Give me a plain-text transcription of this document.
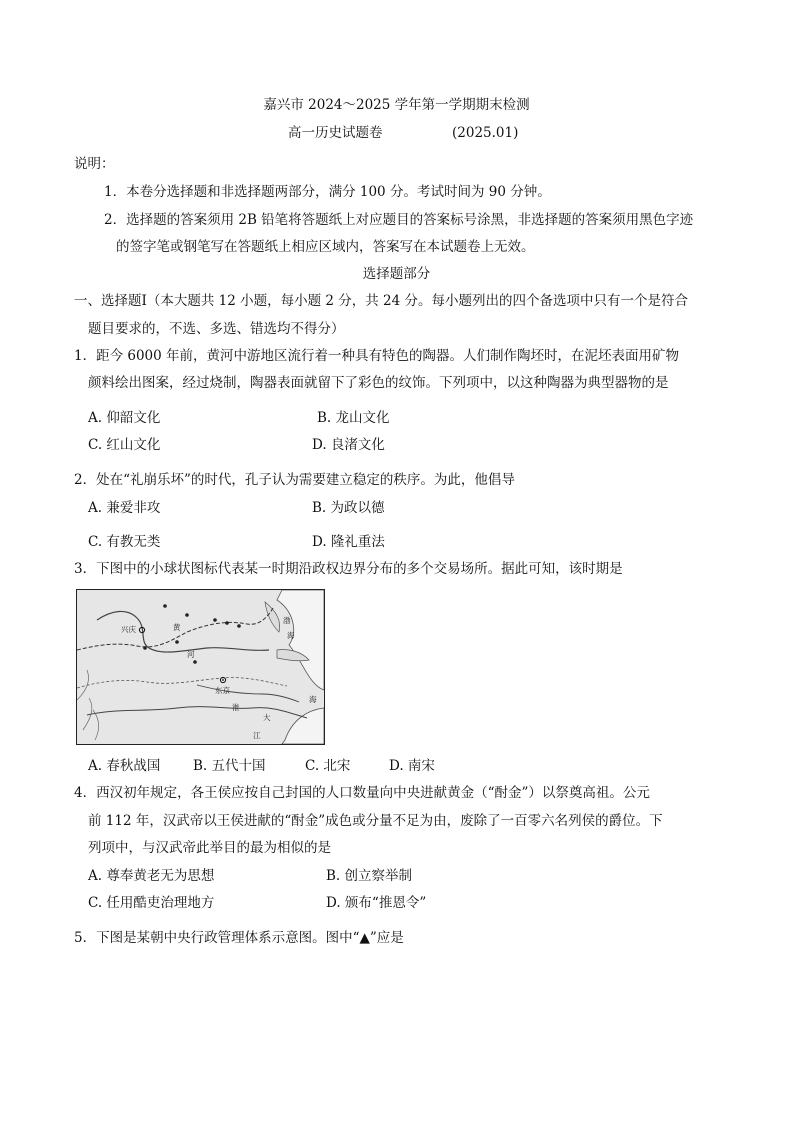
嘉兴市 2024～2025 学年第一学期期末检测
高一历史试题卷	(2025.01)
说明：
1．本卷分选择题和非选择题两部分，满分 100 分。考试时间为 90 分钟。
2．选择题的答案须用 2B 铅笔将答题纸上对应题目的答案标号涂黑，非选择题的答案须用黑色字迹
的签字笔或钢笔写在答题纸上相应区域内，答案写在本试题卷上无效。
选择题部分
一、选择题Ⅰ（本大题共 12 小题，每小题 2 分，共 24 分。每小题列出的四个备选项中只有一个是符合
题目要求的，不选、多选、错选均不得分）
1．距今 6000 年前，黄河中游地区流行着一种具有特色的陶器。人们制作陶坯时，在泥坯表面用矿物
颜料绘出图案，经过烧制，陶器表面就留下了彩色的纹饰。下列项中，以这种陶器为典型器物的是
A. 仰韶文化	B. 龙山文化
C. 红山文化	D. 良渚文化
2．处在“礼崩乐坏”的时代，孔子认为需要建立稳定的秩序。为此，他倡导
A. 兼爱非攻	B. 为政以德
C. 有教无类	D. 隆礼重法
3．下图中的小球状图标代表某一时期沿政权边界分布的多个交易场所。据此可知，该时期是
兴庆
东京
渤
海
黄
河
淮
江
海
大
A. 春秋战国 B. 五代十国	C. 北宋	D. 南宋
4．西汉初年规定，各王侯应按自己封国的人口数量向中央进献黄金（“酎金”）以祭奠高祖。公元
前 112 年，汉武帝以王侯进献的“酎金”成色或分量不足为由，废除了一百零六名列侯的爵位。下
列项中，与汉武帝此举目的最为相似的是
A. 尊奉黄老无为思想	B. 创立察举制
C. 任用酷吏治理地方	D. 颁布“推恩令”
5．下图是某朝中央行政管理体系示意图。图中“▲”应是
